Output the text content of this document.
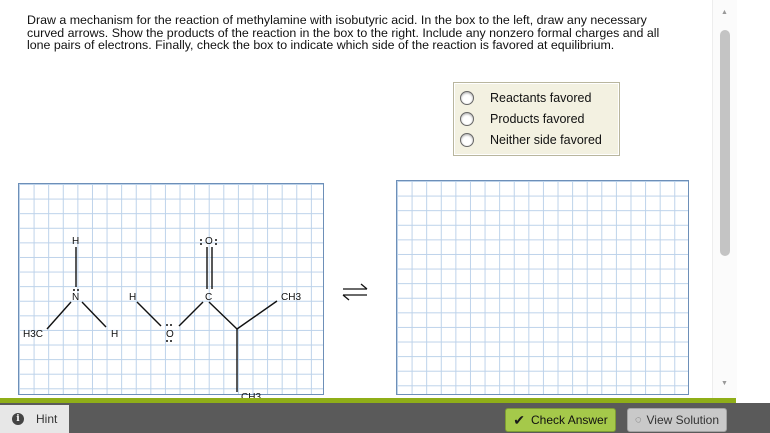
Draw a mechanism for the reaction of methylamine with isobutyric acid. In the box to the left, draw any necessary curved arrows. Show the products of the reaction in the box to the right. Include any nonzero formal charges and all lone pairs of electrons. Finally, check the box to indicate which side of the reaction is favored at equilibrium.

Reactants favored
Products favored
Neither side favored
H
N
H3C	H
H
O
C
O
CH3
▲
▼
i	Hint	✔ Check Answer ◌ View Solution
